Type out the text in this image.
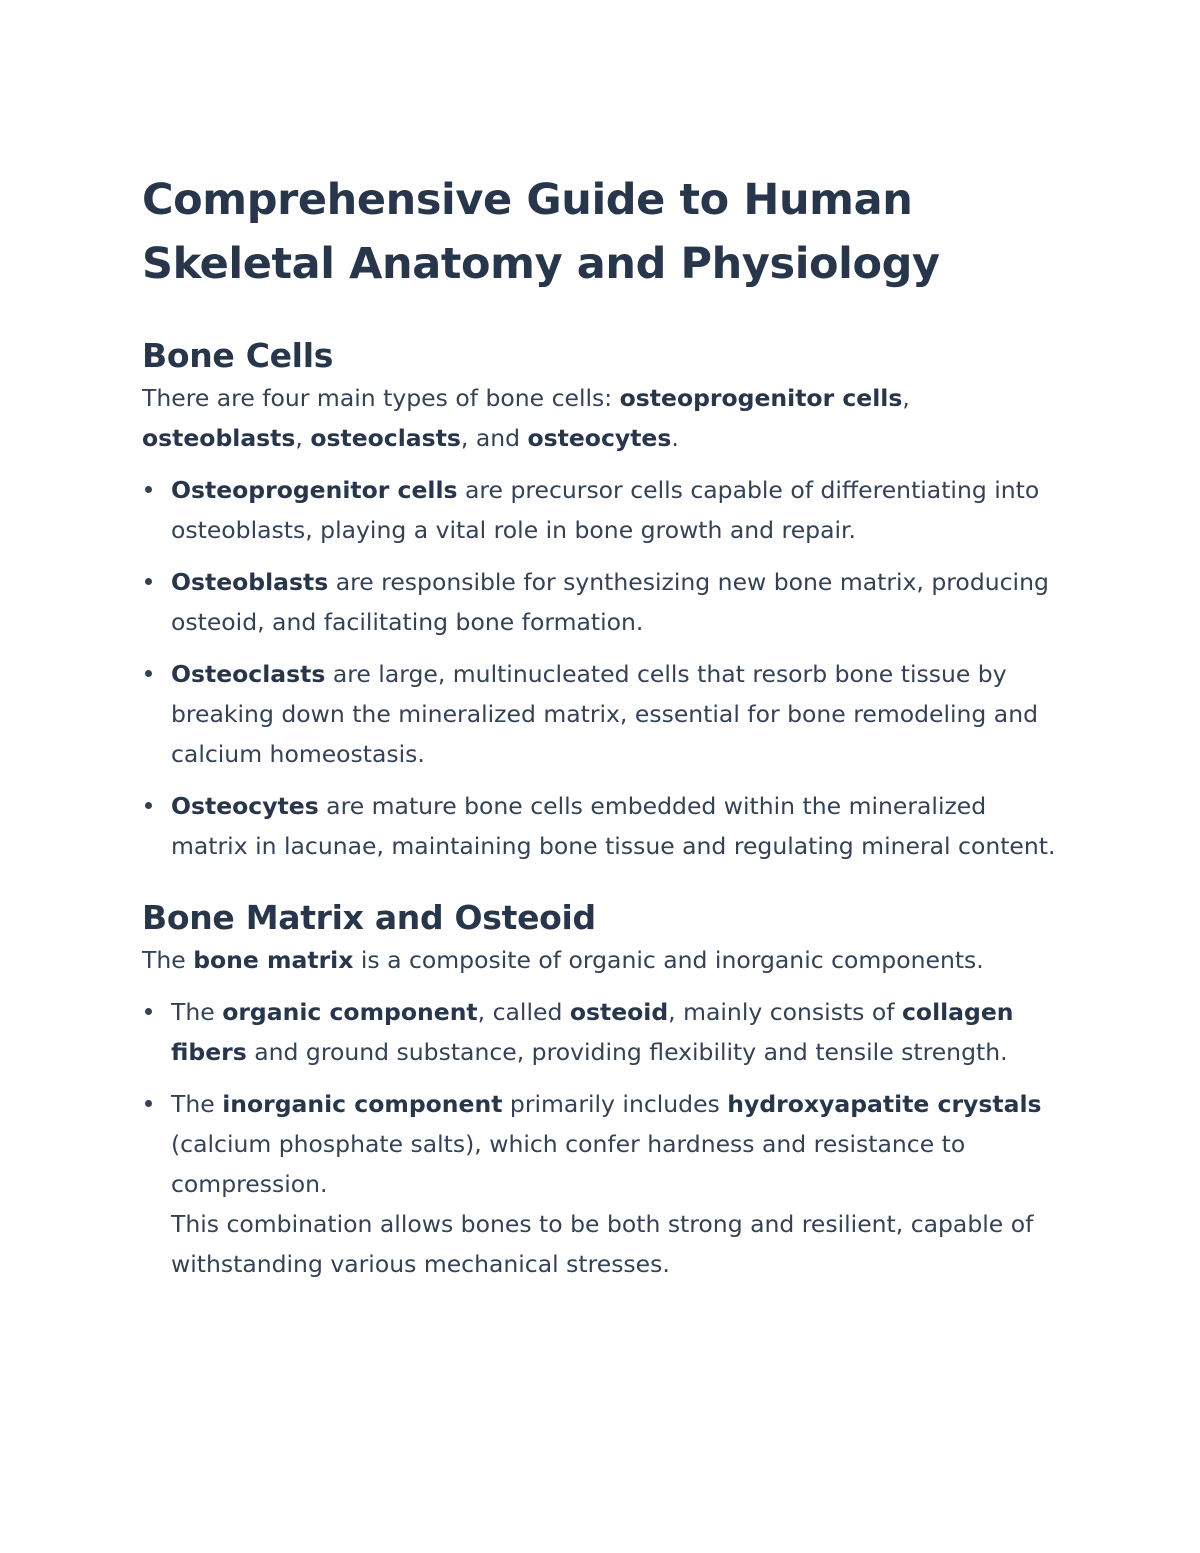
Comprehensive Guide to Human
Skeletal Anatomy and Physiology
Bone Cells

There are four main types of bone cells: osteoprogenitor cells,
osteoblasts, osteoclasts, and osteocytes.

Osteoprogenitor cells are precursor cells capable of differentiating into osteoblasts, playing a vital role in bone growth and repair.
Osteoblasts are responsible for synthesizing new bone matrix, producing osteoid, and facilitating bone formation.
Osteoclasts are large, multinucleated cells that resorb bone tissue by breaking down the mineralized matrix, essential for bone remodeling and calcium homeostasis.
Osteocytes are mature bone cells embedded within the mineralized matrix in lacunae, maintaining bone tissue and regulating mineral content.
Bone Matrix and Osteoid

The bone matrix is a composite of organic and inorganic components.

The organic component, called osteoid, mainly consists of collagen fibers and ground substance, providing flexibility and tensile strength.
The inorganic component primarily includes hydroxyapatite crystals (calcium phosphate salts), which confer hardness and resistance to compression.
This combination allows bones to be both strong and resilient, capable of withstanding various mechanical stresses.
